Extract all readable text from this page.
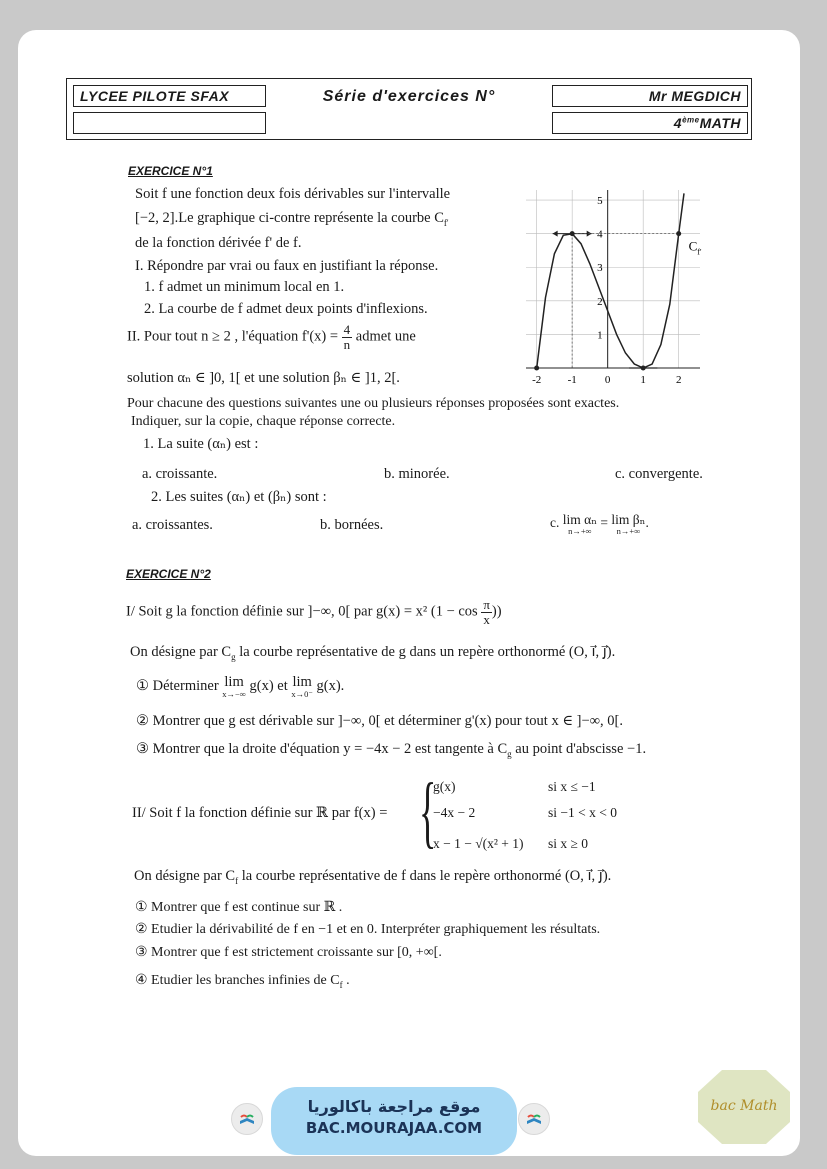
LYCEE PILOTE SFAX	Série d'exercices N°	Mr MEGDICH
4èmeMATH
EXERCICE N°1
Soit f une fonction deux fois dérivables sur l'intervalle
[−2, 2].Le graphique ci-contre représente la courbe $C_{f'}$
de la fonction dérivée f' de f.
I. Répondre par vrai ou faux en justifiant la réponse.
1. f admet un minimum local en 1.
2. La courbe de f admet deux points d'inflexions.
II. Pour tout n ≥ 2 , l'équation $f'(x) = \frac{4}{n}$ admet une
solution αₙ ∈ ]0, 1[ et une solution βₙ ∈ ]1, 2[.
Pour chacune des questions suivantes une ou plusieurs réponses proposées sont exactes.
Indiquer, sur la copie, chaque réponse correcte.
1. La suite (αₙ) est :
a. croissante.	b. minorée.	c. convergente.
2. Les suites (αₙ) et (βₙ) sont :
a. croissantes.	b. bornées.	c. lim αₙ
n→+∞
= lim βₙ
n→+∞
.
-2 -1	0	1	2
1
2
3
4
5
$C_{f'}$
EXERCICE N°2
I/ Soit g la fonction définie sur ]−∞, 0[ par g(x) = x² ($1 - \cos \frac{\pi}{x}$ ))
On désigne par $C_g$ la courbe représentative de g dans un repère orthonormé (O, i⃗, j⃗).
① Déterminer lim
x→−∞ g(x) et lim
x→0⁻ g(x).
② Montrer que g est dérivable sur ]−∞, 0[ et déterminer g'(x) pour tout x ∈ ]−∞, 0[.
③ Montrer que la droite d'équation y = −4x − 2 est tangente à $C_g$ au point d'abscisse −1.
II/ Soit f la fonction définie sur ℝ par f(x) = {
g(x)	si x ≤ −1
−4x − 2	si −1 < x < 0
x − 1 − √(x² + 1) si x ≥ 0
On désigne par $C_f$ la courbe représentative de f dans le repère orthonormé (O, i⃗, j⃗).
① Montrer que f est continue sur ℝ .
② Etudier la dérivabilité de f en −1 et en 0. Interpréter graphiquement les résultats.
③ Montrer que f est strictement croissante sur [0, +∞[.
④ Etudier les branches infinies de $C_f$ .
موقع مراجعة باكالوريا
BAC.MOURAJAA.COM
bac Math
